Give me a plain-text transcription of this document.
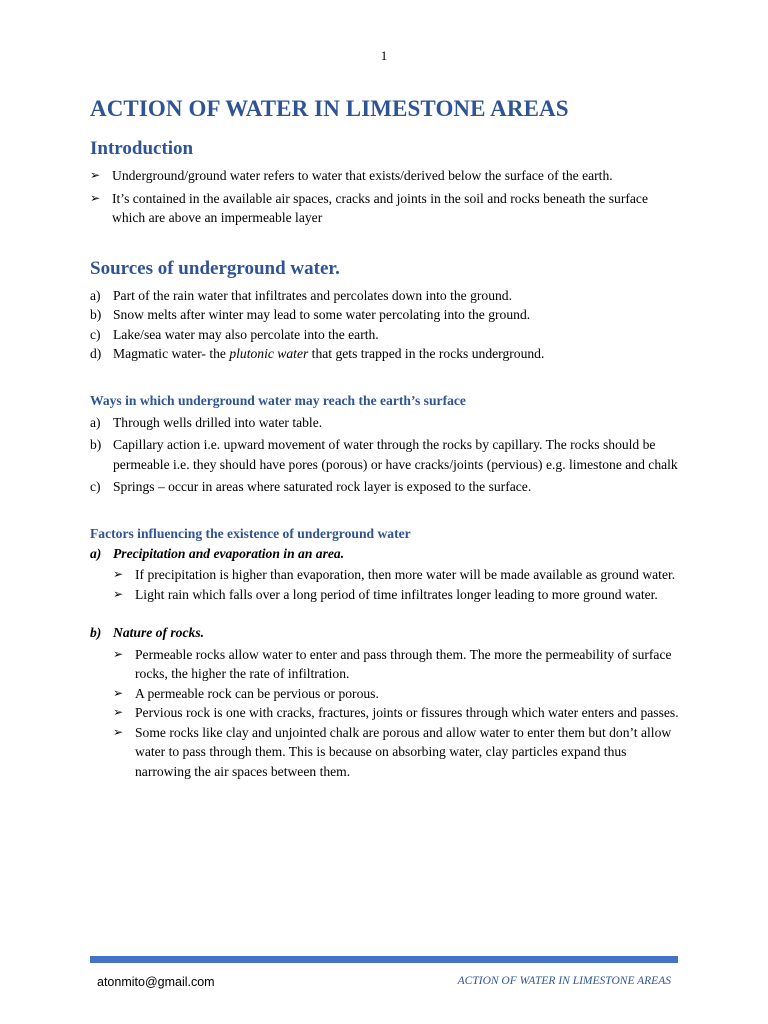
1
ACTION OF WATER IN LIMESTONE AREAS
Introduction
➢ Underground/ground water refers to water that exists/derived below the surface of the earth.
➢ It’s contained in the available air spaces, cracks and joints in the soil and rocks beneath the surface which are above an impermeable layer
Sources of underground water.
a) Part of the rain water that infiltrates and percolates down into the ground.
b) Snow melts after winter may lead to some water percolating into the ground.
c) Lake/sea water may also percolate into the earth.
d) Magmatic water- the plutonic water that gets trapped in the rocks underground.
Ways in which underground water may reach the earth’s surface
a) Through wells drilled into water table.
b) Capillary action i.e. upward movement of water through the rocks by capillary. The rocks should be permeable i.e. they should have pores (porous) or have cracks/joints (pervious) e.g. limestone and chalk
c) Springs – occur in areas where saturated rock layer is exposed to the surface.
Factors influencing the existence of underground water
a) Precipitation and evaporation in an area.
➢ If precipitation is higher than evaporation, then more water will be made available as ground water.
➢ Light rain which falls over a long period of time infiltrates longer leading to more ground water.
b) Nature of rocks.
➢ Permeable rocks allow water to enter and pass through them. The more the permeability of surface rocks, the higher the rate of infiltration.
➢ A permeable rock can be pervious or porous.
➢ Pervious rock is one with cracks, fractures, joints or fissures through which water enters and passes.
➢ Some rocks like clay and unjointed chalk are porous and allow water to enter them but don’t allow water to pass through them. This is because on absorbing water, clay particles expand thus narrowing the air spaces between them.
atonmito@gmail.com	ACTION OF WATER IN LIMESTONE AREAS
